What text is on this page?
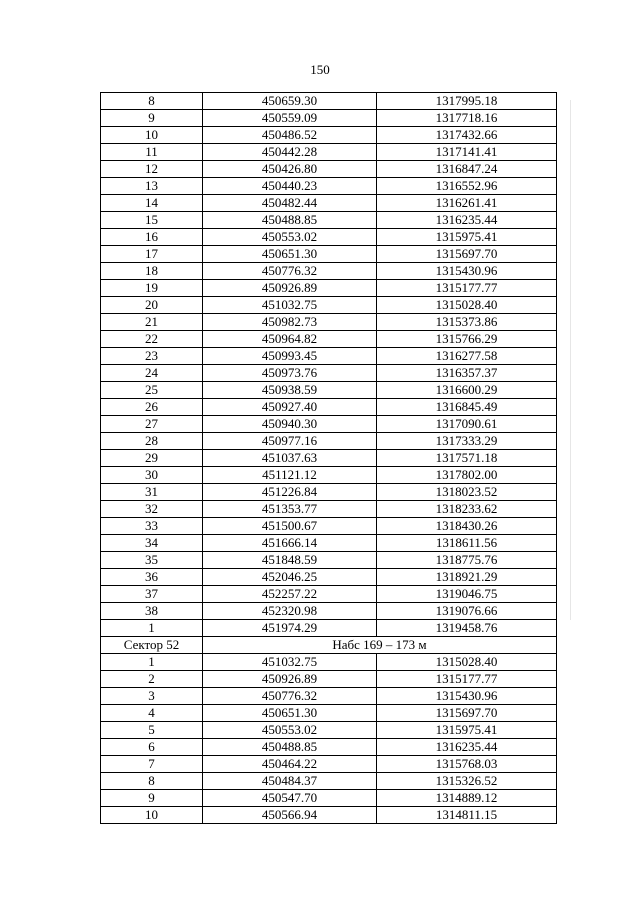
150
8	450659.30	1317995.18
9	450559.09	1317718.16
10	450486.52	1317432.66
11	450442.28	1317141.41
12	450426.80	1316847.24
13	450440.23	1316552.96
14	450482.44	1316261.41
15	450488.85	1316235.44
16	450553.02	1315975.41
17	450651.30	1315697.70
18	450776.32	1315430.96
19	450926.89	1315177.77
20	451032.75	1315028.40
21	450982.73	1315373.86
22	450964.82	1315766.29
23	450993.45	1316277.58
24	450973.76	1316357.37
25	450938.59	1316600.29
26	450927.40	1316845.49
27	450940.30	1317090.61
28	450977.16	1317333.29
29	451037.63	1317571.18
30	451121.12	1317802.00
31	451226.84	1318023.52
32	451353.77	1318233.62
33	451500.67	1318430.26
34	451666.14	1318611.56
35	451848.59	1318775.76
36	452046.25	1318921.29
37	452257.22	1319046.75
38	452320.98	1319076.66
1	451974.29	1319458.76
Сектор 52	Набс 169 – 173 м	
1	451032.75	1315028.40
2	450926.89	1315177.77
3	450776.32	1315430.96
4	450651.30	1315697.70
5	450553.02	1315975.41
6	450488.85	1316235.44
7	450464.22	1315768.03
8	450484.37	1315326.52
9	450547.70	1314889.12
10	450566.94	1314811.15
